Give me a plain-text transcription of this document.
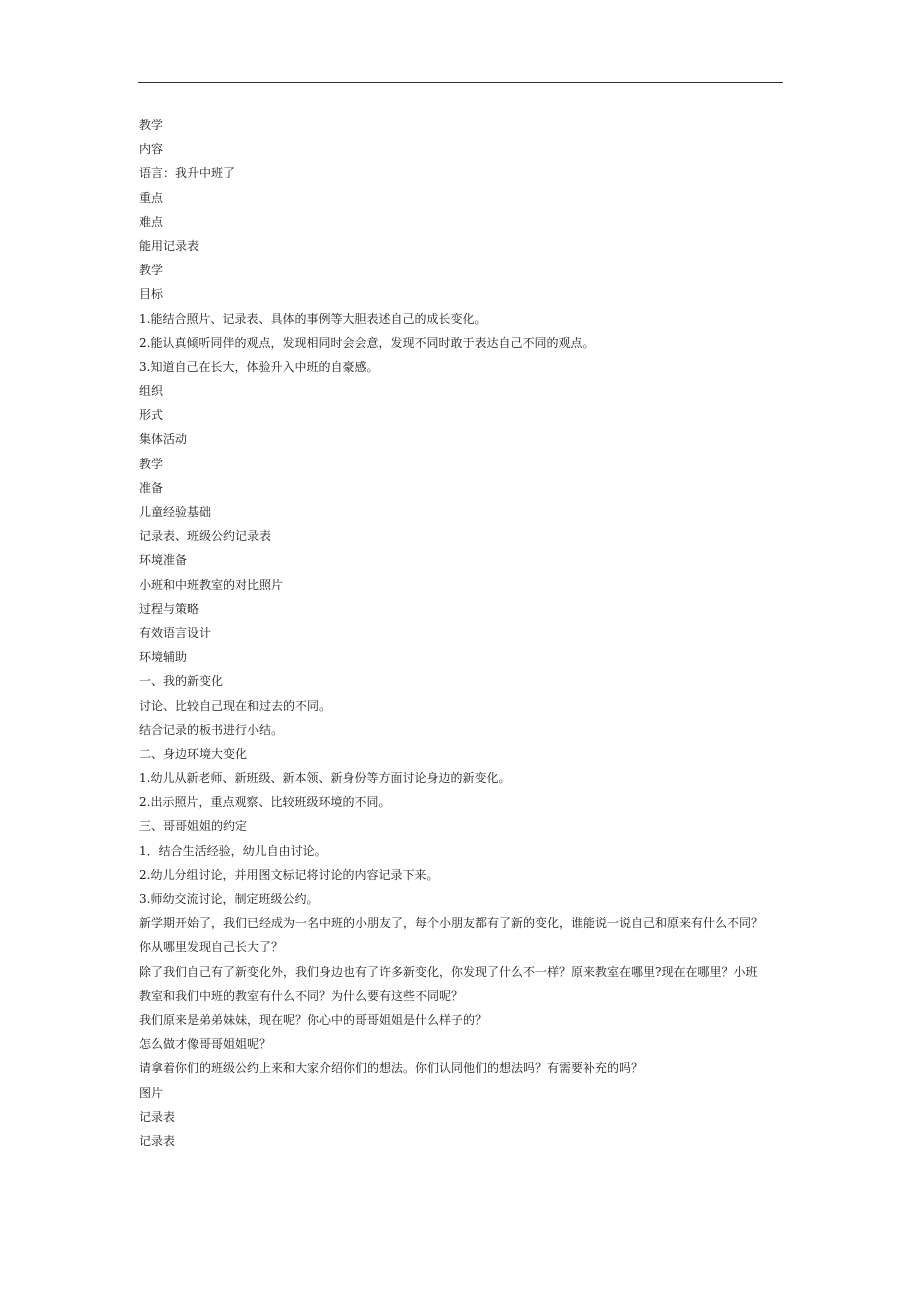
教学
内容
语言：我升中班了
重点
难点
能用记录表
教学
目标
1.能结合照片、记录表、具体的事例等大胆表述自己的成长变化。
2.能认真倾听同伴的观点，发现相同时会会意，发现不同时敢于表达自己不同的观点。
3.知道自己在长大，体验升入中班的自豪感。
组织
形式
集体活动
教学
准备
儿童经验基础
记录表、班级公约记录表
环境准备
小班和中班教室的对比照片
过程与策略
有效语言设计
环境辅助
一、我的新变化
讨论、比较自己现在和过去的不同。
结合记录的板书进行小结。
二、身边环境大变化
1.幼儿从新老师、新班级、新本领、新身份等方面讨论身边的新变化。
2.出示照片，重点观察、比较班级环境的不同。
三、哥哥姐姐的约定
1．结合生活经验，幼儿自由讨论。
2.幼儿分组讨论，并用图文标记将讨论的内容记录下来。
3.师幼交流讨论，制定班级公约。
新学期开始了，我们已经成为一名中班的小朋友了，每个小朋友都有了新的变化，谁能说一说自己和原来有什么不同？
你从哪里发现自己长大了？
除了我们自己有了新变化外，我们身边也有了许多新变化，你发现了什么不一样？原来教室在哪里?现在在哪里？小班
教室和我们中班的教室有什么不同？为什么要有这些不同呢？
我们原来是弟弟妹妹，现在呢？你心中的哥哥姐姐是什么样子的？
怎么做才像哥哥姐姐呢？
请拿着你们的班级公约上来和大家介绍你们的想法。你们认同他们的想法吗？有需要补充的吗？
图片
记录表
记录表
